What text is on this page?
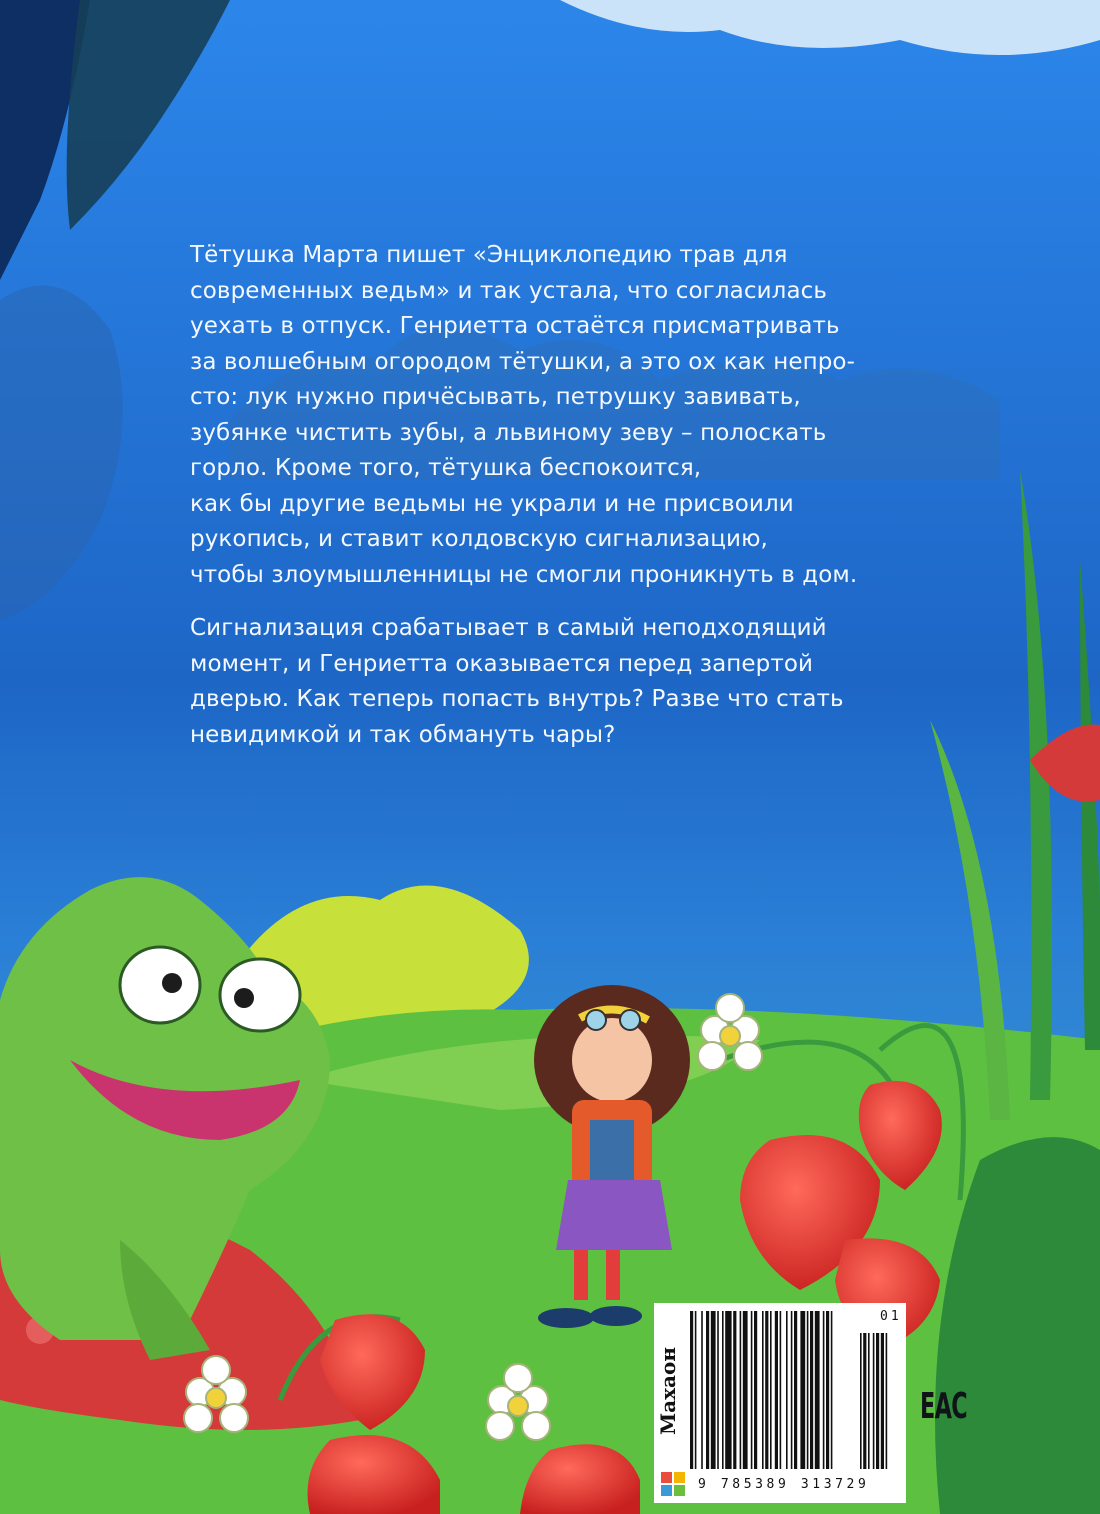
Тётушка Марта пишет «Энциклопедию трав для
современных ведьм» и так устала, что согласилась
уехать в отпуск. Генриетта остаётся присматривать
за волшебным огородом тётушки, а это ох как непро-
сто: лук нужно причёсывать, петрушку завивать,
зубянке чистить зубы, а львиному зеву – полоскать
горло. Кроме того, тётушка беспокоится,
как бы другие ведьмы не украли и не присвоили
рукопись, и ставит колдовскую сигнализацию,
чтобы злоумышленницы не смогли проникнуть в дом.
Сигнализация срабатывает в самый неподходящий
момент, и Генриетта оказывается перед запертой
дверью. Как теперь попасть внутрь? Разве что стать
невидимкой и так обмануть чары?
Махаон
9 785389 313729
01
EAC
